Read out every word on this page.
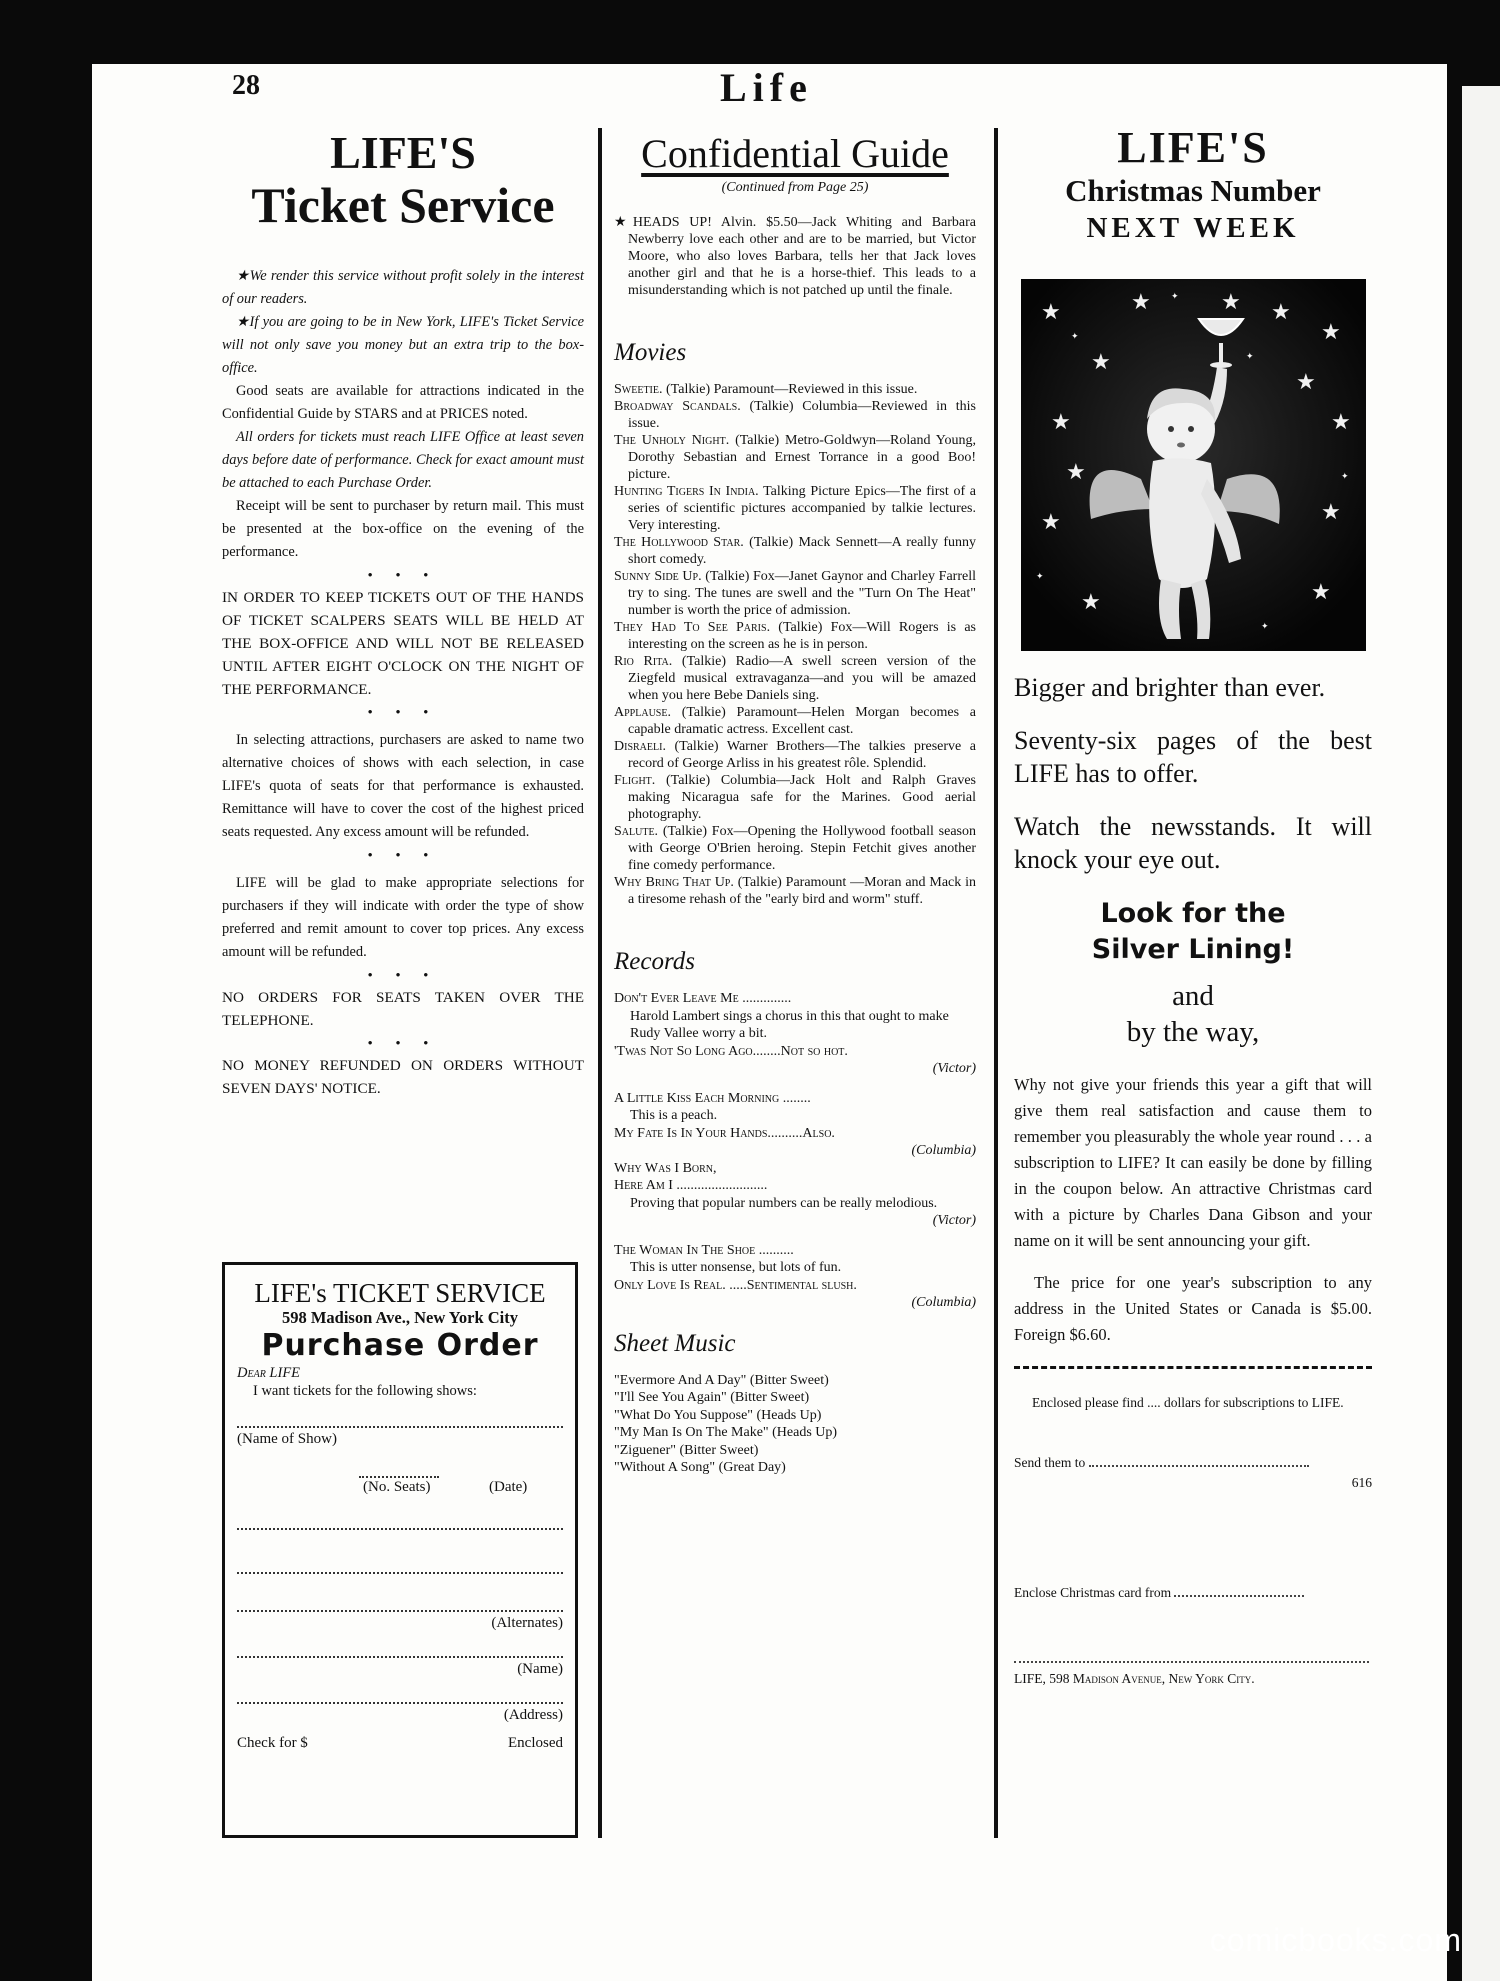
28	Life
LIFE'S
Ticket Service

★We render this service without profit solely in the interest of our readers.

★If you are going to be in New York, LIFE's Ticket Service will not only save you money but an extra trip to the box-office.

Good seats are available for attractions indicated in the Confidential Guide by STARS and at PRICES noted.

All orders for tickets must reach LIFE Office at least seven days before date of performance. Check for exact amount must be attached to each Purchase Order.

Receipt will be sent to purchaser by return mail. This must be presented at the box-office on the evening of the performance.

• • •

IN ORDER TO KEEP TICKETS OUT OF THE HANDS OF TICKET SCALPERS SEATS WILL BE HELD AT THE BOX-OFFICE AND WILL NOT BE RELEASED UNTIL AFTER EIGHT O'CLOCK ON THE NIGHT OF THE PERFORMANCE.

• • •

In selecting attractions, purchasers are asked to name two alternative choices of shows with each selection, in case LIFE's quota of seats for that performance is exhausted. Remittance will have to cover the cost of the highest priced seats requested. Any excess amount will be refunded.

• • •

LIFE will be glad to make appropriate selections for purchasers if they will indicate with order the type of show preferred and remit amount to cover top prices. Any excess amount will be refunded.

• • •

NO ORDERS FOR SEATS TAKEN OVER THE TELEPHONE.

• • •

NO MONEY REFUNDED ON ORDERS WITHOUT SEVEN DAYS' NOTICE.

LIFE's TICKET SERVICE
598 Madison Ave., New York City
Purchase Order
Dear LIFE
I want tickets for the following shows:
(Name of Show)
(No. Seats)	(Date)
(Alternates)
(Name)
(Address)
Check for $	Enclosed
Confidential Guide
(Continued from Page 25)

★HEADS UP! Alvin. $5.50—Jack Whiting and Barbara Newberry love each other and are to be married, but Victor Moore, who also loves Barbara, tells her that Jack loves another girl and that he is a horse-thief. This leads to a misunderstanding which is not patched up until the finale.

Movies

Sweetie. (Talkie) Paramount—Reviewed in this issue.

Broadway Scandals. (Talkie) Columbia—Reviewed in this issue.

The Unholy Night. (Talkie) Metro-Goldwyn—Roland Young, Dorothy Sebastian and Ernest Torrance in a good Boo! picture.

Hunting Tigers In India. Talking Picture Epics—The first of a series of scientific pictures accompanied by talkie lectures. Very interesting.

The Hollywood Star. (Talkie) Mack Sennett—A really funny short comedy.

Sunny Side Up. (Talkie) Fox—Janet Gaynor and Charley Farrell try to sing. The tunes are swell and the "Turn On The Heat" number is worth the price of admission.

They Had To See Paris. (Talkie) Fox—Will Rogers is as interesting on the screen as he is in person.

Rio Rita. (Talkie) Radio—A swell screen version of the Ziegfeld musical extravaganza—and you will be amazed when you here Bebe Daniels sing.

Applause. (Talkie) Paramount—Helen Morgan becomes a capable dramatic actress. Excellent cast.

Disraeli. (Talkie) Warner Brothers—The talkies preserve a record of George Arliss in his greatest rôle. Splendid.

Flight. (Talkie) Columbia—Jack Holt and Ralph Graves making Nicaragua safe for the Marines. Good aerial photography.

Salute. (Talkie) Fox—Opening the Hollywood football season with George O'Brien heroing. Stepin Fetchit gives another fine comedy performance.

Why Bring That Up. (Talkie) Paramount —Moran and Mack in a tiresome rehash of the "early bird and worm" stuff.

Records
Don't Ever Leave Me ..............
Harold Lambert sings a chorus in this that ought to make Rudy Vallee worry a bit.
'Twas Not So Long Ago........Not so hot.
(Victor)
A Little Kiss Each Morning ........
This is a peach.
My Fate Is In Your Hands..........Also.
(Columbia)
Why Was I Born,
Here Am I ..........................
Proving that popular numbers can be really melodious.
(Victor)
The Woman In The Shoe ..........
This is utter nonsense, but lots of fun.
Only Love Is Real. .....Sentimental slush.
(Columbia)
Sheet Music
"Evermore And A Day" (Bitter Sweet)
"I'll See You Again" (Bitter Sweet)
"What Do You Suppose" (Heads Up)
"My Man Is On The Make" (Heads Up)
"Ziguener" (Bitter Sweet)
"Without A Song" (Great Day)
LIFE'S
Christmas Number
NEXT WEEK
★
★
★
★
★	★
★	★
★	★
★
★
★
★
✦
✦
✦
✦
✦
✦

Bigger and brighter than ever.

Seventy-six pages of the best LIFE has to offer.

Watch the newsstands. It will knock your eye out.

Look for the
Silver Lining!
and
by the way,

Why not give your friends this year a gift that will give them real satisfaction and cause them to remember you pleasurably the whole year round . . . a subscription to LIFE? It can easily be done by filling in the coupon below. An attractive Christmas card with a picture by Charles Dana Gibson and your name on it will be sent announcing your gift.

The price for one year's subscription to any address in the United States or Canada is $5.00. Foreign $6.60.

Enclosed please find .... dollars for subscriptions to LIFE.
Send them to
616
Enclose Christmas card from
LIFE, 598 Madison Avenue, New York City.
comicbooks.com
